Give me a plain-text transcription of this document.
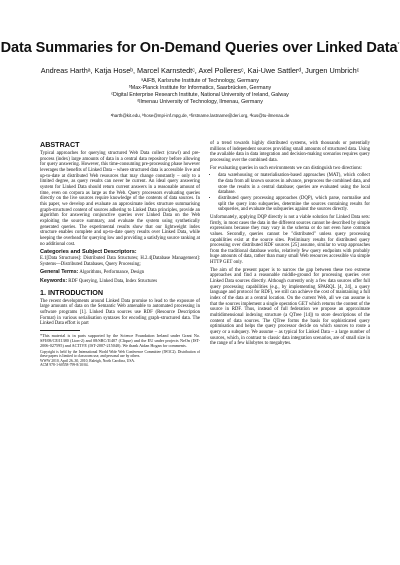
Data Summaries for On-Demand Queries over Linked Data*
Andreas Harthᵃ, Katja Hoseᵇ, Marcel Karnstedtᶜ, Axel Polleresᶜ, Kai-Uwe Sattlerᵈ, Jurgen Umbrichᶜ
ᵃAIFB, Karlsruhe Institute of Technology, Germany
ᵇMax-Planck Institute for Informatics, Saarbrücken, Germany
ᶜDigital Enterprise Research Institute, National University of Ireland, Galway
ᵈIlmenau University of Technology, Ilmenau, Germany
ᵃharth@kit.edu, ᵇhose@mpi-inf.mpg.de, ᶜfirstname.lastname@deri.org, ᵈkus@tu-ilmenau.de
ABSTRACT

Typical approaches for querying structured Web Data collect (crawl) and pre-process (index) large amounts of data in a central data repository before allowing for query answering. However, this time-consuming pre-processing phase however leverages the benefits of Linked Data – where structured data is accessible live and up-to-date at distributed Web resources that may change constantly – only to a limited degree, as query results can never be current. An ideal query answering system for Linked Data should return current answers in a reasonable amount of time, even on corpora as large as the Web. Query processors evaluating queries directly on the live sources require knowledge of the contents of data sources. In this paper, we develop and evaluate an approximate index structure summarising graph-structured content of sources adhering to Linked Data principles, provide an algorithm for answering conjunctive queries over Linked Data on the Web exploiting the source summary, and evaluate the system using synthetically generated queries. The experimental results show that our lightweight index structure enables complete and up-to-date query results over Linked Data, while keeping the overhead for querying low and providing a satisfying source ranking at no additional cost.

Categories and Subject Descriptors:

E.1[Data Structures]: Distributed Data Structures; H.2.4[Database Management]: Systems—Distributed Databases, Query Processing;

General Terms: Algorithms, Performance, Design

Keywords: RDF Querying, Linked Data, Index Structures

1. INTRODUCTION

The recent developments around Linked Data promise to lead to the exposure of large amounts of data on the Semantic Web amenable to automated processing in software programs [1]. Linked Data sources use RDF (Resource Description Format) in various serialisation syntaxes for encoding graph-structured data. The Linked Data effort is part

*This material is in parts supported by the Science Foundation Ireland under Grant No. SFI/08/CE/I1380 (Lion-2) and 08/SRC/I1407 (Clique) and the EU under projects NeOn (IST-2006-027595) and ACTIVE (IST-2007-215040). We thank Aidan Hogan for comments.

Copyright is held by the International World Wide Web Conference Committee (IW3C2). Distribution of these papers is limited to classroom use, and personal use by others.

WWW 2010, April 26–30, 2010, Raleigh, North Carolina, USA.

ACM 978-1-60558-799-8/10/04.

of a trend towards highly distributed systems, with thousands or potentially millions of independent sources providing small amounts of structured data. Using the available data in data integration and decision-making scenarios requires query processing over the combined data.

For evaluating queries in such environments we can distinguish two directions:

• data warehousing or materialisation-based approaches (MAT), which collect the data from all known sources in advance, preprocess the combined data, and store the results in a central database; queries are evaluated using the local database.
• distributed query processing approaches (DQP), which parse, normalise and split the query into subqueries, determine the sources containing results for subqueries, and evaluate the subqueries against the sources directly.

Unfortunately, applying DQP directly is not a viable solution for Linked Data sets: firstly, in most cases the data in the different sources cannot be described by simple expressions because they may vary in the schema or do not even have common values. Secondly, queries cannot be "distributed" unless query processing capabilities exist at the source sites. Preliminary results for distributed query processing over distributed RDF sources [25] assume, similar to wrap approaches from the traditional database works, relatively few query endpoints with probably huge amounts of data, rather than many small Web resources accessible via simple HTTP GET only.

The aim of the present paper is to narrow the gap between these two extreme approaches and find a reasonable middle-ground for processing queries over Linked Data sources directly. Although currently only a few data sources offer full query processing capabilities (e.g., by implementing SPARQL [4, 24], a query language and protocol for RDF), we still can achieve the cost of maintaining a full index of the data at a central location. On the current Web, all we can assume is that the sources implement a single operation GET which returns the content of the source in RDF. Thus, instead of full federation we propose an approximate multidimensional indexing structure (a QTree [14]) to store descriptions of the content of data sources. The QTree forms the basis for sophisticated query optimisation and helps the query processor decide on which sources to route a query or a subquery. We assume – as typical for Linked Data – a large number of sources, which, in contrast to classic data integration scenarios, are of small size in the range of a few kilobytes to megabytes.
